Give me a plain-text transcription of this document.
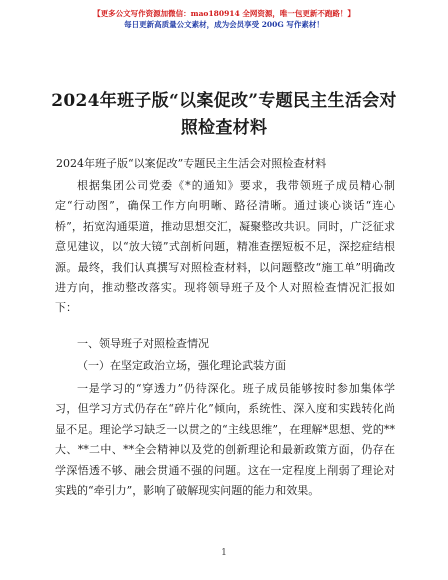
【更多公文写作资源加微信：mao180914 全网资源，唯一包更新不跑路！】
每日更新高质量公文素材，成为会员享受 200G 写作素材！
2024年班子版“以案促改”专题民主生活会对照检查材料
2024年班子版“以案促改”专题民主生活会对照检查材料

根据集团公司党委《*的通知》要求，我带领班子成员精心制定“行动图”，确保工作方向明晰、路径清晰。通过谈心谈话“连心桥”，拓宽沟通渠道，推动思想交汇，凝聚整改共识。同时，广泛征求意见建议，以“放大镜”式剖析问题，精准查摆短板不足，深挖症结根源。最终，我们认真撰写对照检查材料，以问题整改“施工单”明确改进方向，推动整改落实。现将领导班子及个人对照检查情况汇报如下：

一、领导班子对照检查情况
（一）在坚定政治立场，强化理论武装方面

一是学习的“穿透力”仍待深化。班子成员能够按时参加集体学习，但学习方式仍存在“碎片化”倾向，系统性、深入度和实践转化尚显不足。理论学习缺乏一以贯之的“主线思维”，在理解*思想、党的**大、**二中、**全会精神以及党的创新理论和最新政策方面，仍存在学深悟透不够、融会贯通不强的问题。这在一定程度上削弱了理论对实践的“牵引力”，影响了破解现实问题的能力和效果。

1
